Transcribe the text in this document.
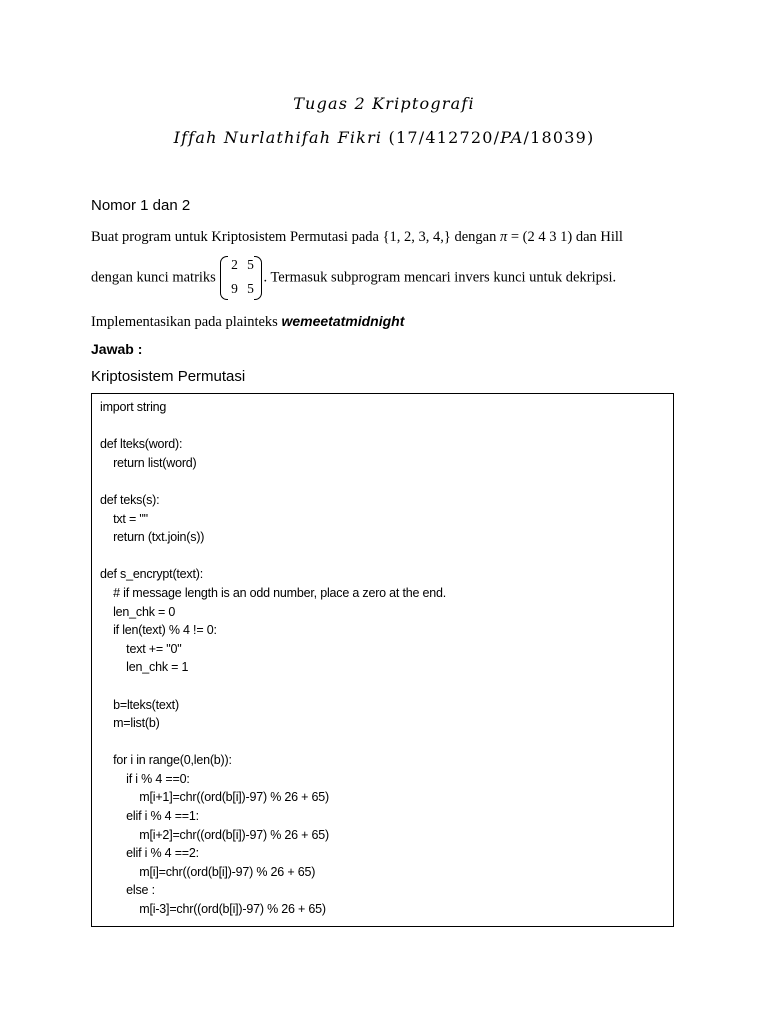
Tugas 2 Kriptografi
Iffah Nurlathifah Fikri (17/412720/PA/18039)
Nomor 1 dan 2
Buat program untuk Kriptosistem Permutasi pada {1, 2, 3, 4,} dengan π = (2 4 3 1) dan Hill
dengan kunci matriks
2 5
9 5
. Termasuk subprogram mencari invers kunci untuk dekripsi.
Implementasikan pada plainteks wemeetatmidnight
Jawab :
Kriptosistem Permutasi
import string
def lteks(word):
return list(word)
def teks(s):
txt = ""
return (txt.join(s))
def s_encrypt(text):
# if message length is an odd number, place a zero at the end.
len_chk = 0
if len(text) % 4 != 0:
text += "0"
len_chk = 1
b=lteks(text)
m=list(b)
for i in range(0,len(b)):
if i % 4 ==0:
m[i+1]=chr((ord(b[i])-97) % 26 + 65)
elif i % 4 ==1:
m[i+2]=chr((ord(b[i])-97) % 26 + 65)
elif i % 4 ==2:
m[i]=chr((ord(b[i])-97) % 26 + 65)
else :
m[i-3]=chr((ord(b[i])-97) % 26 + 65)
